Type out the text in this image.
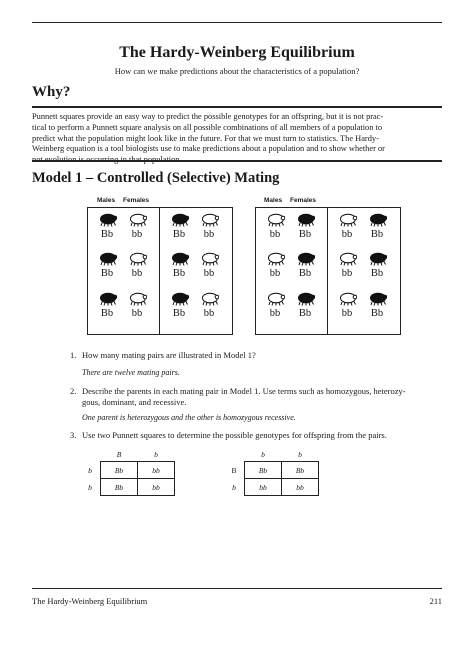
The Hardy-Weinberg Equilibrium
How can we make predictions about the characteristics of a population?
Why?
Punnett squares provide an easy way to predict the possible genotypes for an offspring, but it is not prac-
tical to perform a Punnett square analysis on all possible combinations of all members of a population to
predict what the population might look like in the future. For that we must turn to statistics. The Hardy-
Weinberg equation is a tool biologists use to make predictions about a population and to show whether or
Model 1 – Controlled (Selective) Mating
Males Females	Males Females
Bb	bb	Bb	bb
Bb	bb	Bb	bb
Bb	bb	Bb	bb
bb	Bb	bb	Bb
bb	Bb	bb	Bb
bb	Bb	bb	Bb
1. How many mating pairs are illustrated in Model 1?
There are twelve mating pairs.
2. Describe the parents in each mating pair in Model 1. Use terms such as homozygous, heterozy-
gous, dominant, and recessive.
One parent is heterozygous and the other is homozygous recessive.
3. Use two Punnett squares to determine the possible genotypes for offspring from the pairs.
	B	b
b	Bb	bb
b	Bb	bb
	b	b
B	Bb	Bb
b	bb	bb
The Hardy-Weinberg Equilibrium	211
